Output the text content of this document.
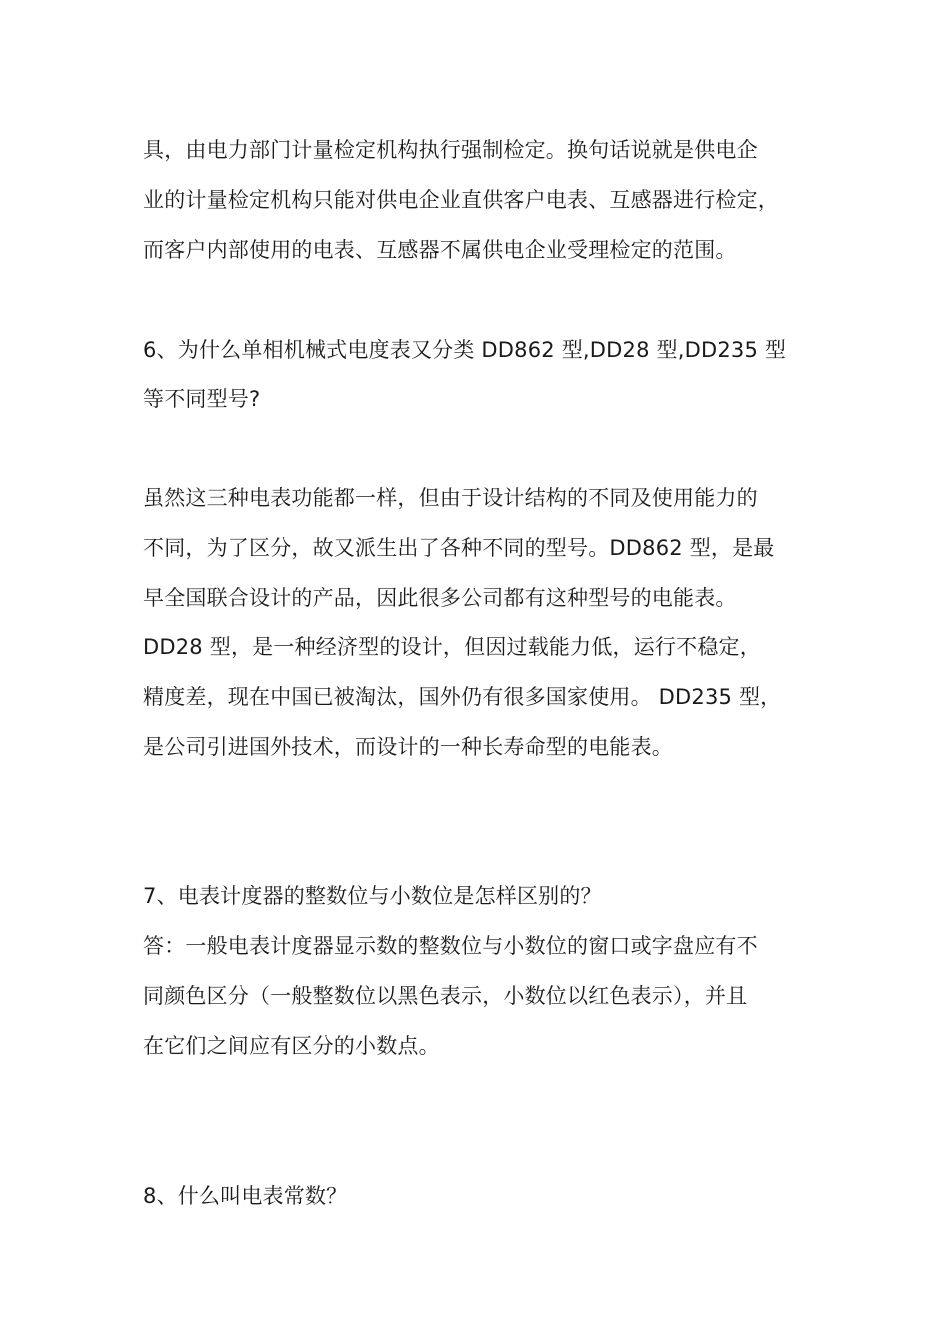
具，由电力部门计量检定机构执行强制检定。换句话说就是供电企
业的计量检定机构只能对供电企业直供客户电表、互感器进行检定，
而客户内部使用的电表、互感器不属供电企业受理检定的范围。
6、为什么单相机械式电度表又分类 DD862 型,DD28 型,DD235 型
等不同型号?
虽然这三种电表功能都一样，但由于设计结构的不同及使用能力的
不同，为了区分，故又派生出了各种不同的型号。DD862 型，是最
早全国联合设计的产品，因此很多公司都有这种型号的电能表。
DD28 型，是一种经济型的设计，但因过载能力低，运行不稳定，
精度差，现在中国已被淘汰，国外仍有很多国家使用。 DD235 型，
是公司引进国外技术，而设计的一种长寿命型的电能表。
7、电表计度器的整数位与小数位是怎样区别的？
答：一般电表计度器显示数的整数位与小数位的窗口或字盘应有不
同颜色区分（一般整数位以黑色表示，小数位以红色表示），并且
在它们之间应有区分的小数点。
8、什么叫电表常数？
